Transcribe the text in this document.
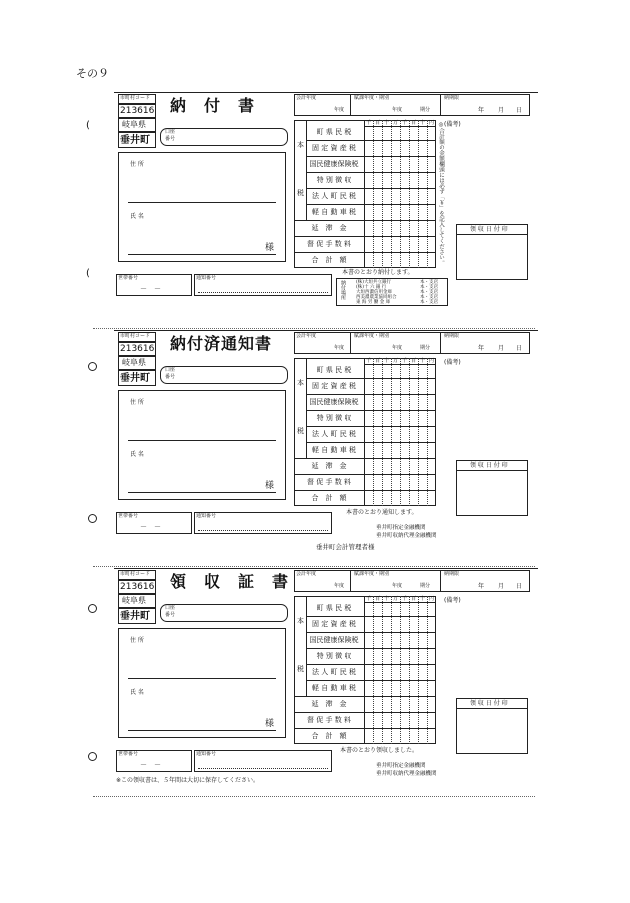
その９
市町村コード
213616
岐阜県
垂井町
納　付　書
口座
番号
住 所
氏 名
様
世帯番号
－　－
通知番号
会計年度
年度
賦課年度・期別
年度	期分
納期限
年 月 日
本
税
千 百 十 万 千 百 十 円
町 県 民 税
固 定 資 産 税
国民健康保険税
特 別 徴 収
法 人 町 民 税
軽 自 動 車 税
延　滞　金
督 促 手 数 料
合　計　額
(備考)
領 収 日 付 印
本書のとおり納付します。
◎合計額の金額欄頭には必ず「￥」を記入してください。
納付場所 (株)大垣共立銀行	本・支店
(株)十 六 銀 行	本・支店
大垣西濃信用金庫	本・支店
西美濃農業協同組合	本・支店
東 海 労 働 金 庫	本・支店
市町村コード
213616
岐阜県
垂井町
納付済通知書
口座
番号
住 所
氏 名
様
世帯番号
－　－
通知番号
会計年度
年度
賦課年度・期別
年度	期分
納期限
年 月 日
本
税
千 百 十 万 千 百 十 円
町 県 民 税
固 定 資 産 税
国民健康保険税
特 別 徴 収
法 人 町 民 税
軽 自 動 車 税
延　滞　金
督 促 手 数 料
合　計　額
(備考)
領 収 日 付 印
本書のとおり通知します。
垂井町指定金融機関
垂井町収納代理金融機関
垂井町会計管理者様
市町村コード
213616
岐阜県
垂井町
領　収　証　書
口座
番号
住 所
氏 名
様
世帯番号
－　－
通知番号
会計年度
年度
賦課年度・期別
年度	期分
納期限
年 月 日
本
税
千 百 十 万 千 百 十 円
町 県 民 税
固 定 資 産 税
国民健康保険税
特 別 徴 収
法 人 町 民 税
軽 自 動 車 税
延　滞　金
督 促 手 数 料
合　計　額
(備考)
領 収 日 付 印
本書のとおり領収しました。
垂井町指定金融機関
垂井町収納代理金融機関
※この領収書は、５年間は大切に保存してください。
(
(
